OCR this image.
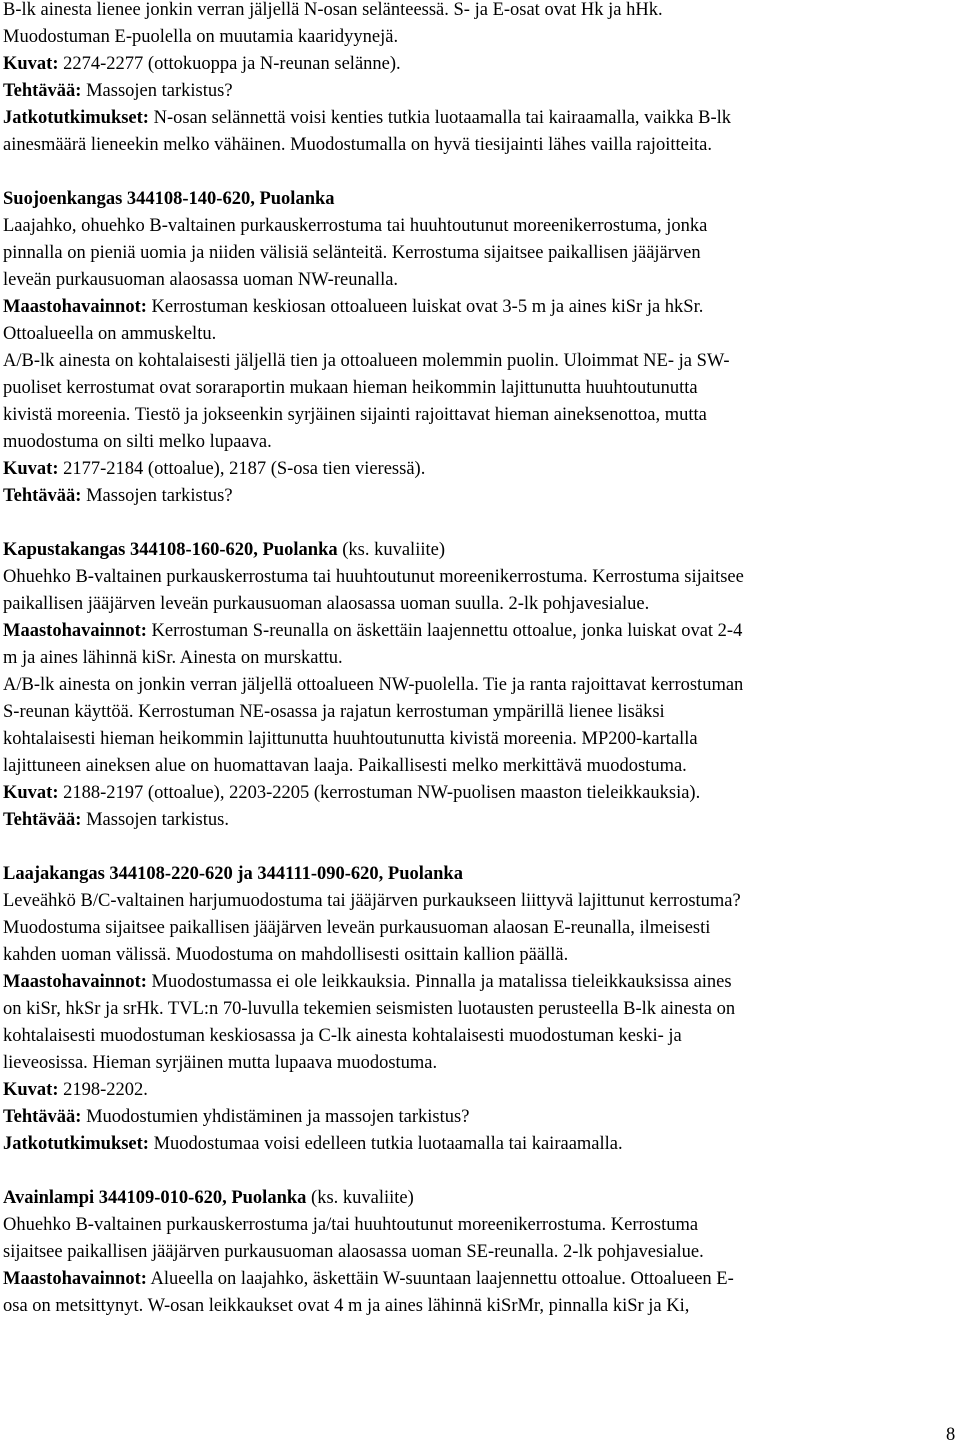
B-lk ainesta lienee jonkin verran jäljellä N-osan selänteessä. S- ja E-osat ovat Hk ja hHk.
Muodostuman E-puolella on muutamia kaaridyynejä.
Kuvat: 2274-2277 (ottokuoppa ja N-reunan selänne).
Tehtävää: Massojen tarkistus?
Jatkotutkimukset: N-osan selännettä voisi kenties tutkia luotaamalla tai kairaamalla, vaikka B-lk
ainesmäärä lieneekin melko vähäinen. Muodostumalla on hyvä tiesijainti lähes vailla rajoitteita.
Suojoenkangas 344108-140-620, Puolanka
Laajahko, ohuehko B-valtainen purkauskerrostuma tai huuhtoutunut moreenikerrostuma, jonka
pinnalla on pieniä uomia ja niiden välisiä selänteitä. Kerrostuma sijaitsee paikallisen jääjärven
leveän purkausuoman alaosassa uoman NW-reunalla.
Maastohavainnot: Kerrostuman keskiosan ottoalueen luiskat ovat 3-5 m ja aines kiSr ja hkSr.
Ottoalueella on ammuskeltu.
A/B-lk ainesta on kohtalaisesti jäljellä tien ja ottoalueen molemmin puolin. Uloimmat NE- ja SW-
puoliset kerrostumat ovat soraraportin mukaan hieman heikommin lajittunutta huuhtoutunutta
kivistä moreenia. Tiestö ja jokseenkin syrjäinen sijainti rajoittavat hieman aineksenottoa, mutta
muodostuma on silti melko lupaava.
Kuvat: 2177-2184 (ottoalue), 2187 (S-osa tien vieressä).
Tehtävää: Massojen tarkistus?
Kapustakangas 344108-160-620, Puolanka (ks. kuvaliite)
Ohuehko B-valtainen purkauskerrostuma tai huuhtoutunut moreenikerrostuma. Kerrostuma sijaitsee
paikallisen jääjärven leveän purkausuoman alaosassa uoman suulla. 2-lk pohjavesialue.
Maastohavainnot: Kerrostuman S-reunalla on äskettäin laajennettu ottoalue, jonka luiskat ovat 2-4
m ja aines lähinnä kiSr. Ainesta on murskattu.
A/B-lk ainesta on jonkin verran jäljellä ottoalueen NW-puolella. Tie ja ranta rajoittavat kerrostuman
S-reunan käyttöä. Kerrostuman NE-osassa ja rajatun kerrostuman ympärillä lienee lisäksi
kohtalaisesti hieman heikommin lajittunutta huuhtoutunutta kivistä moreenia. MP200-kartalla
lajittuneen aineksen alue on huomattavan laaja. Paikallisesti melko merkittävä muodostuma.
Kuvat: 2188-2197 (ottoalue), 2203-2205 (kerrostuman NW-puolisen maaston tieleikkauksia).
Tehtävää: Massojen tarkistus.
Laajakangas 344108-220-620 ja 344111-090-620, Puolanka
Leveähkö B/C-valtainen harjumuodostuma tai jääjärven purkaukseen liittyvä lajittunut kerrostuma?
Muodostuma sijaitsee paikallisen jääjärven leveän purkausuoman alaosan E-reunalla, ilmeisesti
kahden uoman välissä. Muodostuma on mahdollisesti osittain kallion päällä.
Maastohavainnot: Muodostumassa ei ole leikkauksia. Pinnalla ja matalissa tieleikkauksissa aines
on kiSr, hkSr ja srHk. TVL:n 70-luvulla tekemien seismisten luotausten perusteella B-lk ainesta on
kohtalaisesti muodostuman keskiosassa ja C-lk ainesta kohtalaisesti muodostuman keski- ja
lieveosissa. Hieman syrjäinen mutta lupaava muodostuma.
Kuvat: 2198-2202.
Tehtävää: Muodostumien yhdistäminen ja massojen tarkistus?
Jatkotutkimukset: Muodostumaa voisi edelleen tutkia luotaamalla tai kairaamalla.
Avainlampi 344109-010-620, Puolanka (ks. kuvaliite)
Ohuehko B-valtainen purkauskerrostuma ja/tai huuhtoutunut moreenikerrostuma. Kerrostuma
sijaitsee paikallisen jääjärven purkausuoman alaosassa uoman SE-reunalla. 2-lk pohjavesialue.
Maastohavainnot: Alueella on laajahko, äskettäin W-suuntaan laajennettu ottoalue. Ottoalueen E-
osa on metsittynyt. W-osan leikkaukset ovat 4 m ja aines lähinnä kiSrMr, pinnalla kiSr ja Ki,
8
